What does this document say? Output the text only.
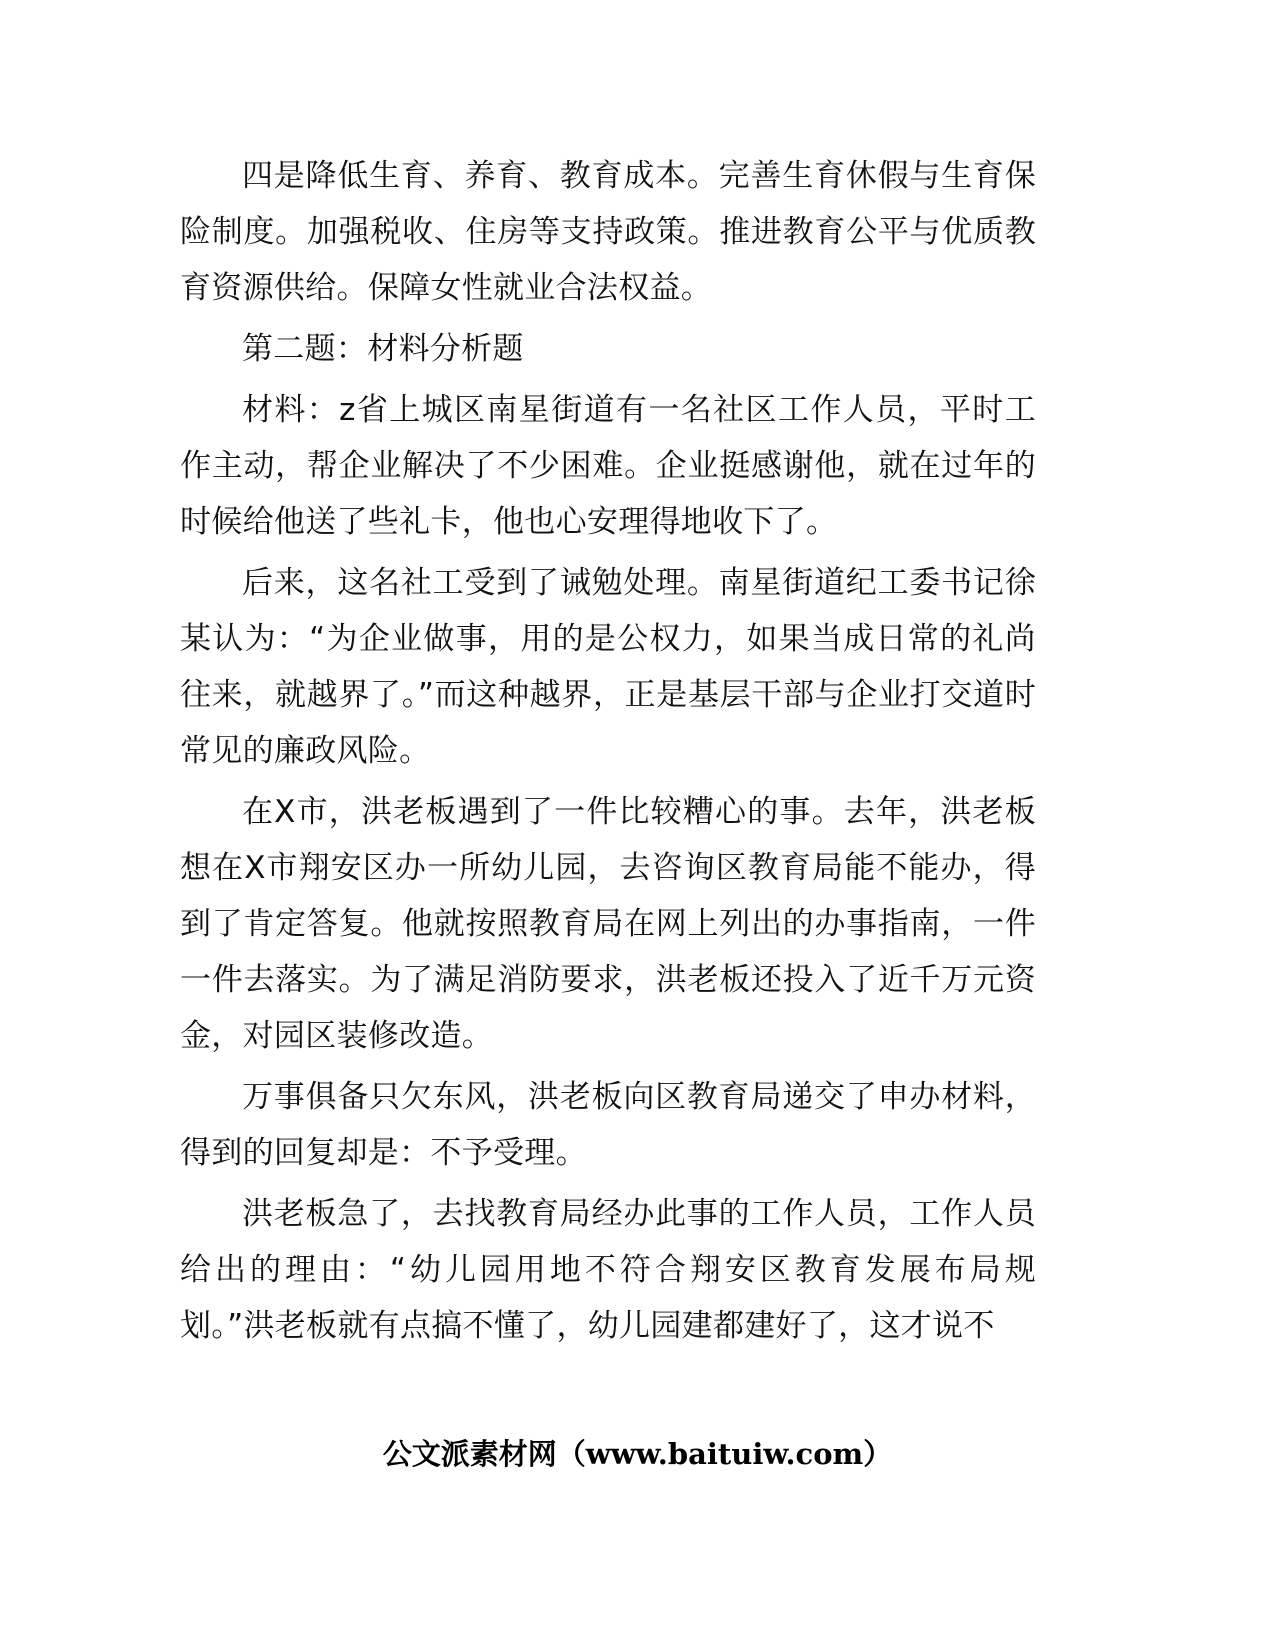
四是降低生育、养育、教育成本。完善生育休假与生育保险制度。加强税收、住房等支持政策。推进教育公平与优质教育资源供给。保障女性就业合法权益。

第二题：材料分析题

材料：z省上城区南星街道有一名社区工作人员，平时工作主动，帮企业解决了不少困难。企业挺感谢他，就在过年的时候给他送了些礼卡，他也心安理得地收下了。

后来，这名社工受到了诫勉处理。南星街道纪工委书记徐某认为：“为企业做事，用的是公权力，如果当成日常的礼尚往来，就越界了。”而这种越界，正是基层干部与企业打交道时常见的廉政风险。

在X市，洪老板遇到了一件比较糟心的事。去年，洪老板想在X市翔安区办一所幼儿园，去咨询区教育局能不能办，得到了肯定答复。他就按照教育局在网上列出的办事指南，一件一件去落实。为了满足消防要求，洪老板还投入了近千万元资金，对园区装修改造。

万事俱备只欠东风，洪老板向区教育局递交了申办材料，得到的回复却是：不予受理。

洪老板急了，去找教育局经办此事的工作人员，工作人员给出的理由：“幼儿园用地不符合翔安区教育发展布局规划。”洪老板就有点搞不懂了，幼儿园建都建好了，这才说不

公文派素材网（www.baituiw.com）
